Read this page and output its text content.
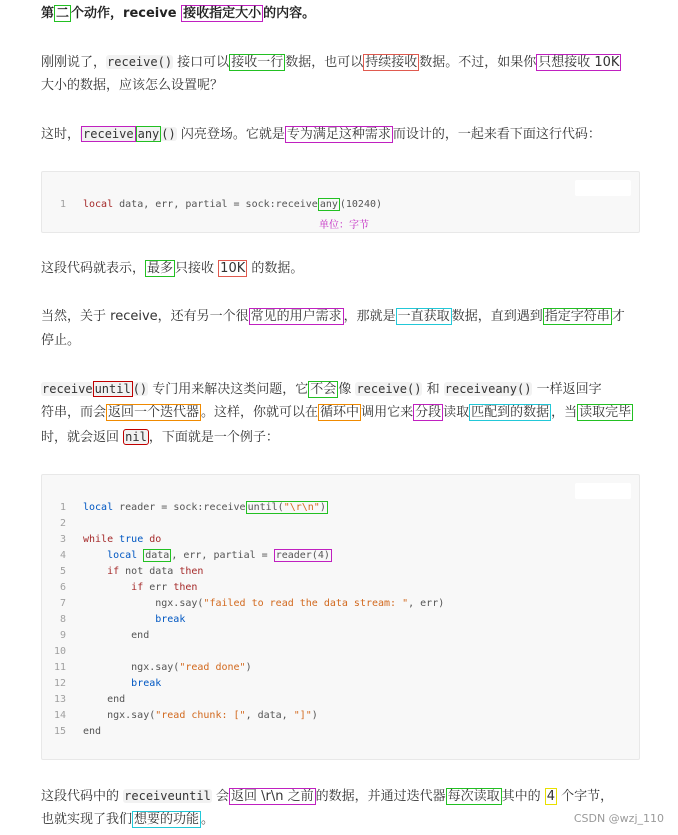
第 二 个动作，receive 接收指定大小 的内容。
刚刚说了，receive() 接口可以 接收一行 数据，也可以 持续接收 数据。不过，如果你 只想接收 10K
大小的数据，应该怎么设置呢？
这时， receive any () 闪亮登场。它就是 专为满足这种需求 而设计的，一起来看下面这行代码：
1 local data, err, partial = sock:receive any (10240)
单位：字节
这段代码就表示， 最多 只接收 10K 的数据。
当然，关于 receive，还有另一个很 常见的用户需求 ，那就是 一直获取 数据，直到遇到 指定字符串 才
停止。
receive until () 专门用来解决这类问题，它 不会 像 receive() 和 receiveany() 一样返回字
符串，而会 返回一个迭代器 。这样，你就可以在 循环中 调用它来 分段 读取 匹配到的数据 ，当 读取完毕
时，就会返回 nil ，下面就是一个例子：
1 local reader = sock:receive until("\r\n")
2
3 while true do
4	local data , err, partial = reader(4)
5	if not data then
6	if err then
7            ngx.say("failed to read the data stream: ", err)
8	break
9        end
10
11        ngx.say("read done")
12	break
13    end
14    ngx.say("read chunk: [", data, "]")
15 end
这段代码中的 receiveuntil 会 返回 \r\n 之前 的数据，并通过迭代器 每次读取 其中的 4 个字节，
也就实现了我们 想要的功能 。	CSDN @wzj_110
